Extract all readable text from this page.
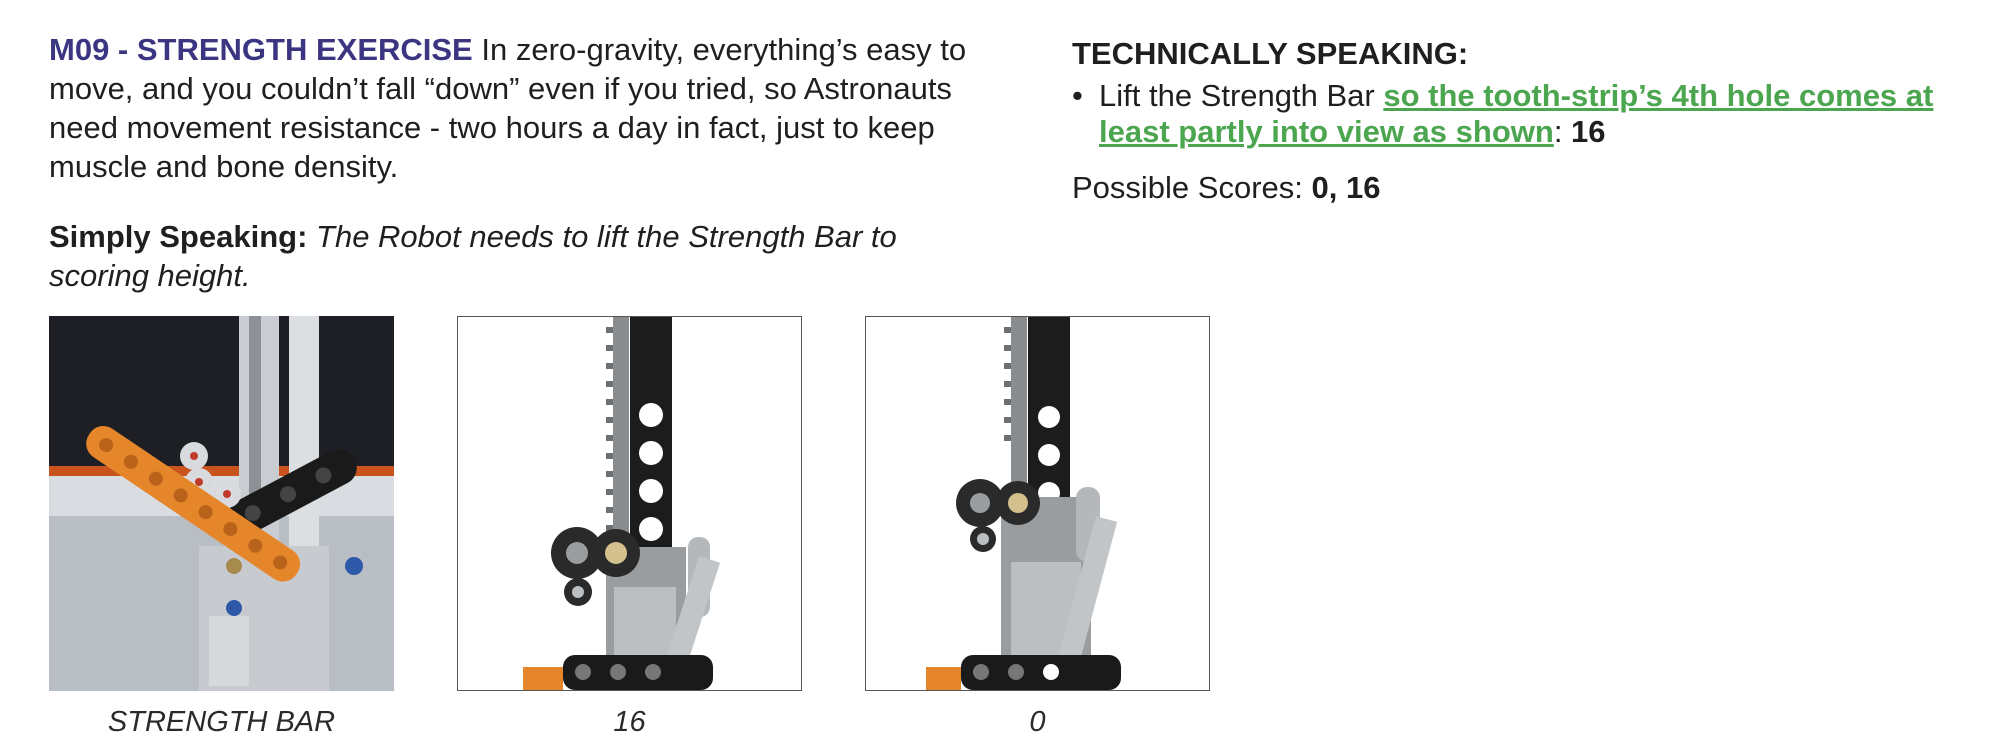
M09 - STRENGTH EXERCISE In zero-gravity, everything’s easy to move, and you couldn’t fall “down” even if you tried, so Astronauts need movement resistance - two hours a day in fact, just to keep muscle and bone density.

Simply Speaking: The Robot needs to lift the Strength Bar to scoring height.

TECHNICALLY SPEAKING:

• Lift the Strength Bar so the tooth-strip’s 4th hole comes at least partly into view as shown: 16

Possible Scores: 0, 16

STRENGTH BAR	16	0
